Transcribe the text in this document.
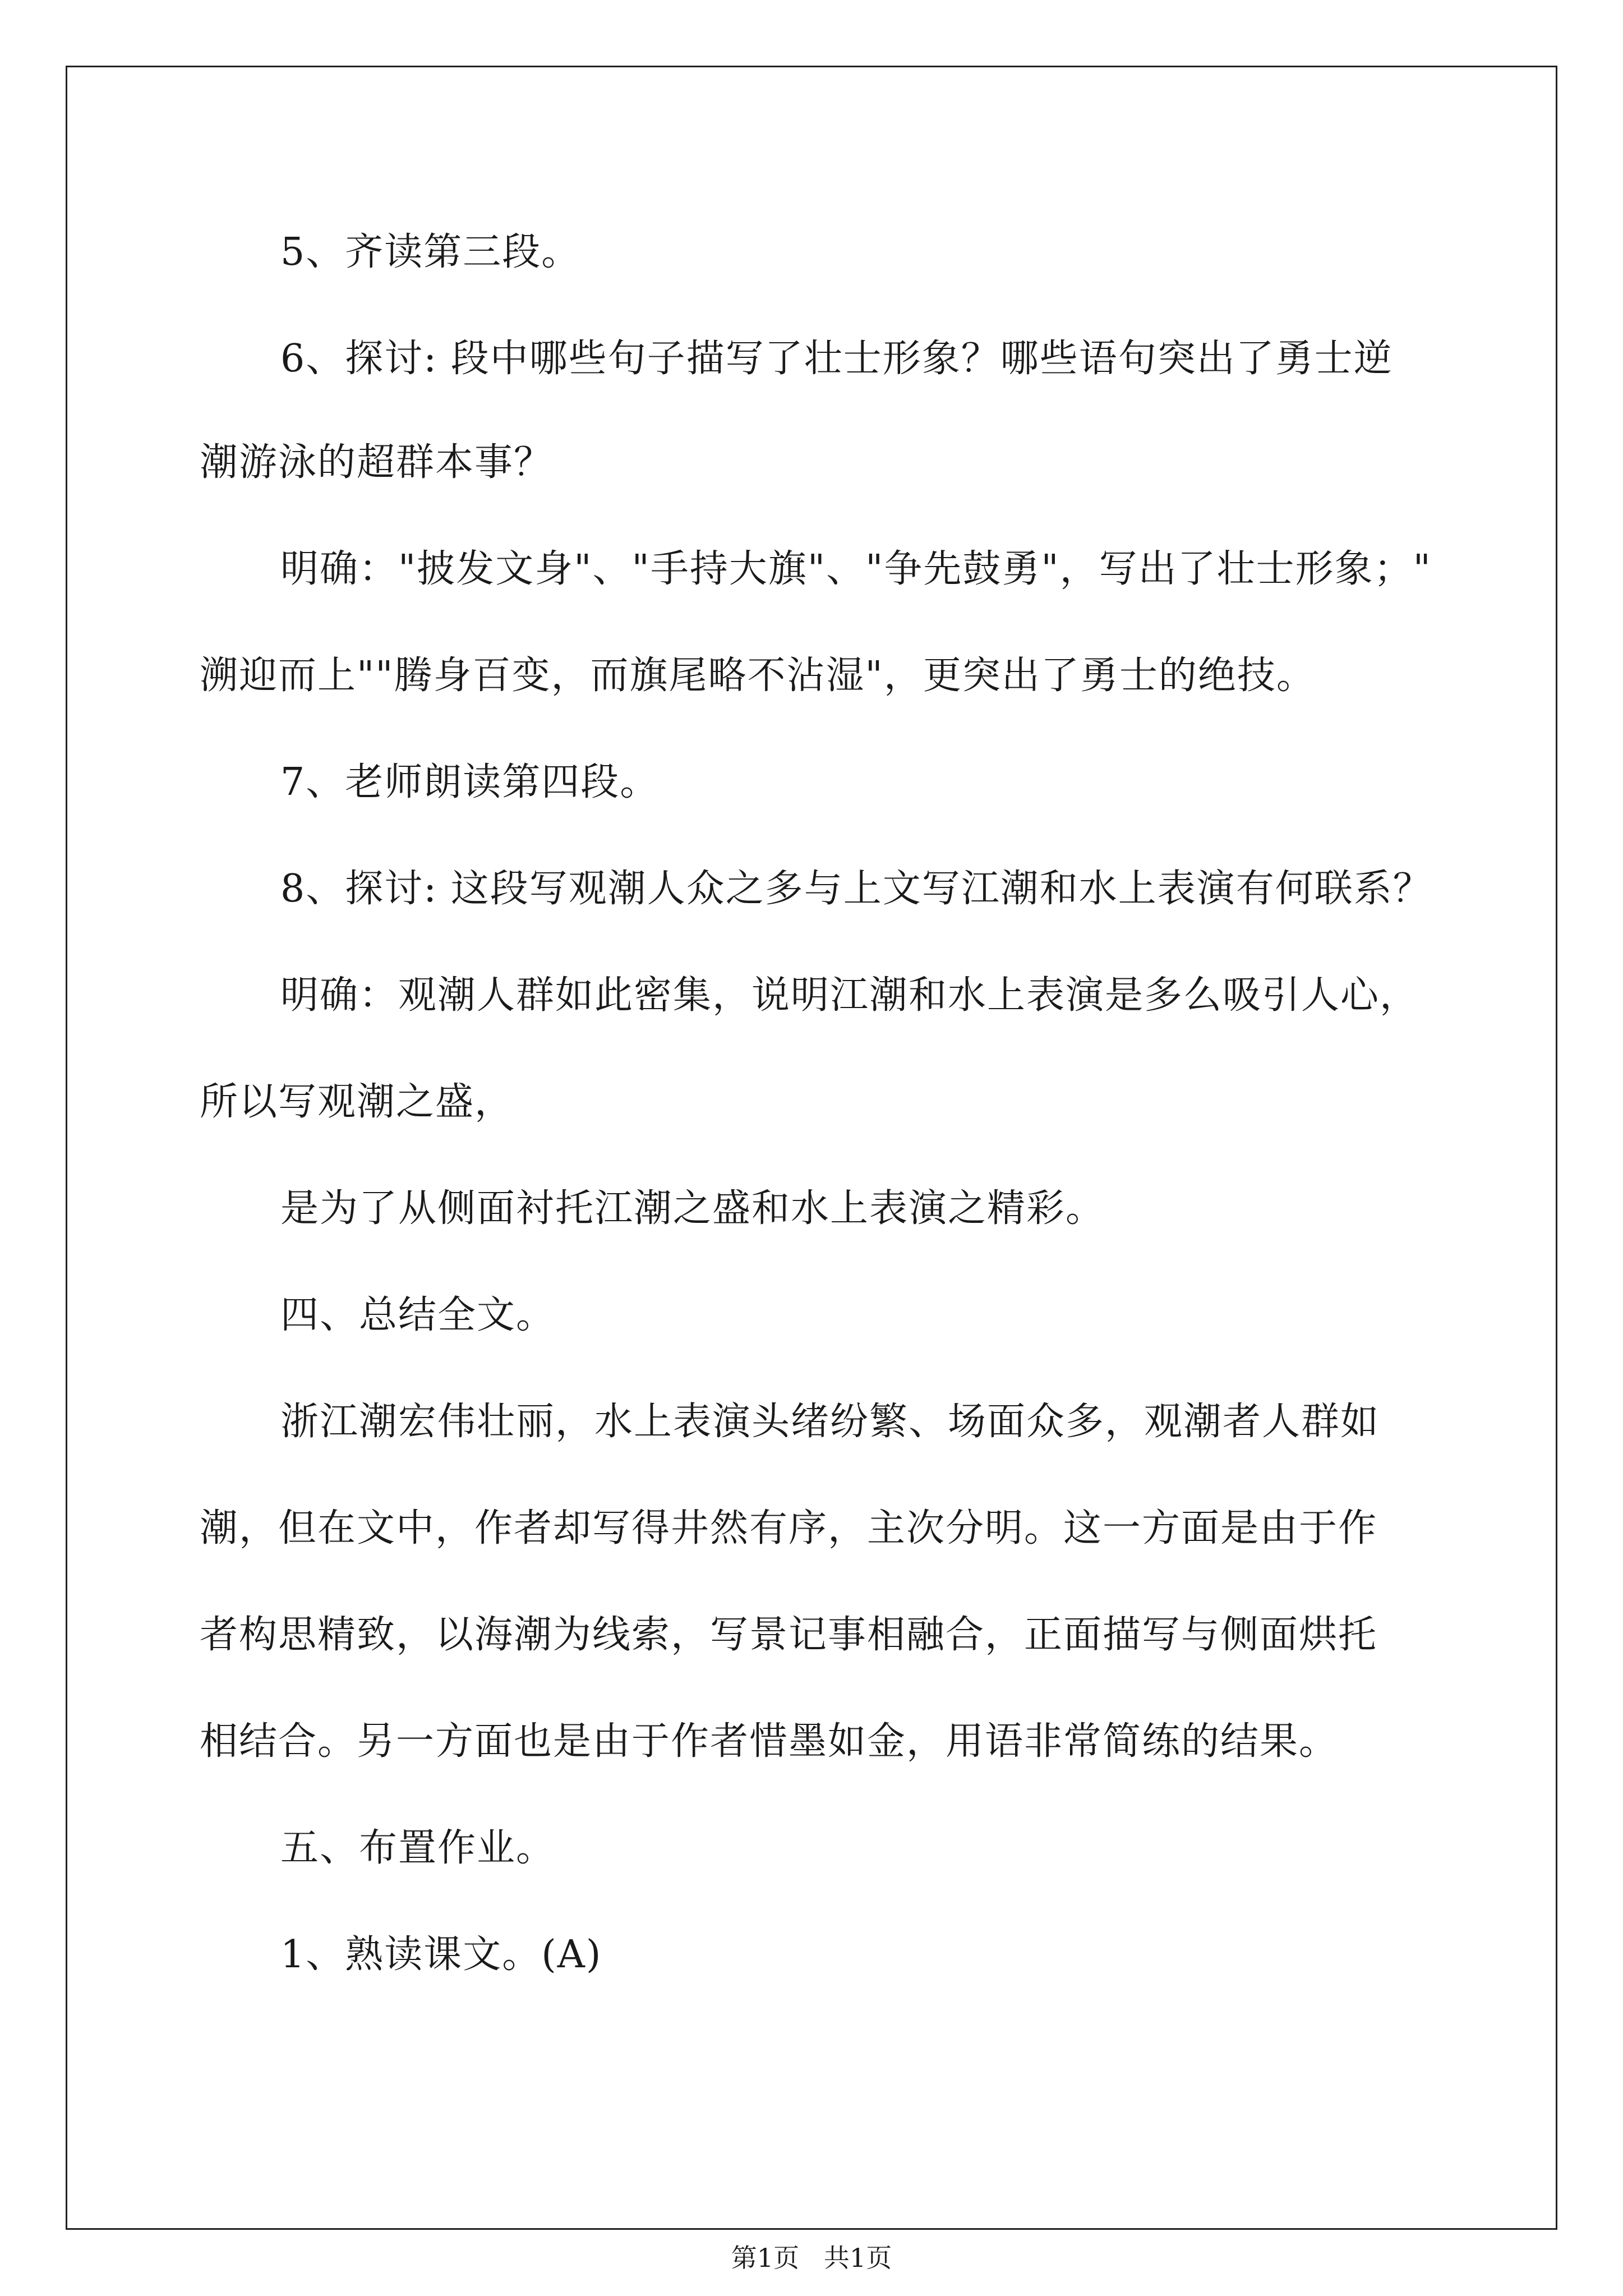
5、齐读第三段。
6、探讨: 段中哪些句子描写了壮士形象？哪些语句突出了勇士逆
潮游泳的超群本事？
明确："披发文身"、"手持大旗"、"争先鼓勇"，写出了壮士形象；"
溯迎而上""腾身百变，而旗尾略不沾湿"，更突出了勇士的绝技。
7、老师朗读第四段。
8、探讨: 这段写观潮人众之多与上文写江潮和水上表演有何联系？
明确：观潮人群如此密集，说明江潮和水上表演是多么吸引人心，
所以写观潮之盛，
是为了从侧面衬托江潮之盛和水上表演之精彩。
四、总结全文。
浙江潮宏伟壮丽，水上表演头绪纷繁、场面众多，观潮者人群如
潮，但在文中，作者却写得井然有序，主次分明。这一方面是由于作
者构思精致，以海潮为线索，写景记事相融合，正面描写与侧面烘托
相结合。另一方面也是由于作者惜墨如金，用语非常简练的结果。
五、布置作业。
1、熟读课文。(A)
第1页   共1页
